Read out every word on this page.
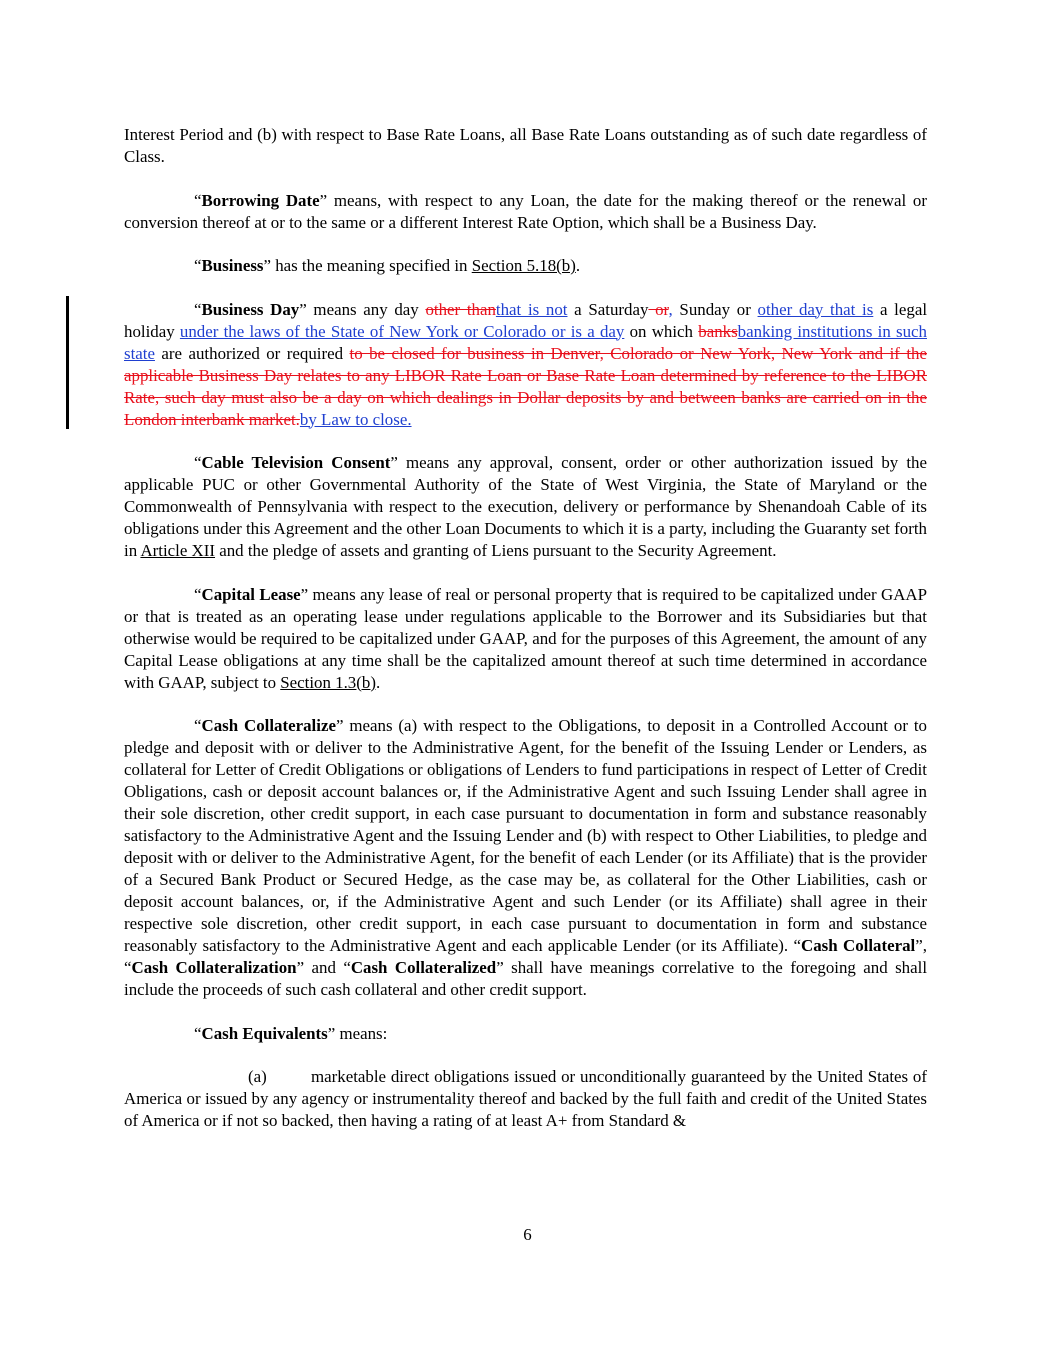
Interest Period and (b) with respect to Base Rate Loans, all Base Rate Loans outstanding as of such date regardless of Class.

“Borrowing Date” means, with respect to any Loan, the date for the making thereof or the renewal or conversion thereof at or to the same or a different Interest Rate Option, which shall be a Business Day.

“Business” has the meaning specified in Section 5.18(b).

“Business Day” means any day other thanthat is not a Saturday or, Sunday or other day that is a legal holiday under the laws of the State of New York or Colorado or is a day on which banksbanking institutions in such state are authorized or required to be closed for business in Denver, Colorado or New York, New York and if the applicable Business Day relates to any LIBOR Rate Loan or Base Rate Loan determined by reference to the LIBOR Rate, such day must also be a day on which dealings in Dollar deposits by and between banks are carried on in the London interbank market.by Law to close.

“Cable Television Consent” means any approval, consent, order or other authorization issued by the applicable PUC or other Governmental Authority of the State of West Virginia, the State of Maryland or the Commonwealth of Pennsylvania with respect to the execution, delivery or performance by Shenandoah Cable of its obligations under this Agreement and the other Loan Documents to which it is a party, including the Guaranty set forth in Article XII and the pledge of assets and granting of Liens pursuant to the Security Agreement.

“Capital Lease” means any lease of real or personal property that is required to be capitalized under GAAP or that is treated as an operating lease under regulations applicable to the Borrower and its Subsidiaries but that otherwise would be required to be capitalized under GAAP, and for the purposes of this Agreement, the amount of any Capital Lease obligations at any time shall be the capitalized amount thereof at such time determined in accordance with GAAP, subject to Section 1.3(b).

“Cash Collateralize” means (a) with respect to the Obligations, to deposit in a Controlled Account or to pledge and deposit with or deliver to the Administrative Agent, for the benefit of the Issuing Lender or Lenders, as collateral for Letter of Credit Obligations or obligations of Lenders to fund participations in respect of Letter of Credit Obligations, cash or deposit account balances or, if the Administrative Agent and such Issuing Lender shall agree in their sole discretion, other credit support, in each case pursuant to documentation in form and substance reasonably satisfactory to the Administrative Agent and the Issuing Lender and (b) with respect to Other Liabilities, to pledge and deposit with or deliver to the Administrative Agent, for the benefit of each Lender (or its Affiliate) that is the provider of a Secured Bank Product or Secured Hedge, as the case may be, as collateral for the Other Liabilities, cash or deposit account balances, or, if the Administrative Agent and such Lender (or its Affiliate) shall agree in their respective sole discretion, other credit support, in each case pursuant to documentation in form and substance reasonably satisfactory to the Administrative Agent and each applicable Lender (or its Affiliate). “Cash Collateral”, “Cash Collateralization” and “Cash Collateralized” shall have meanings correlative to the foregoing and shall include the proceeds of such cash collateral and other credit support.

“Cash Equivalents” means:

(a)	marketable direct obligations issued or unconditionally guaranteed by the United States of America or issued by any agency or instrumentality thereof and backed by the full faith and credit of the United States of America or if not so backed, then having a rating of at least A+ from Standard &

6
